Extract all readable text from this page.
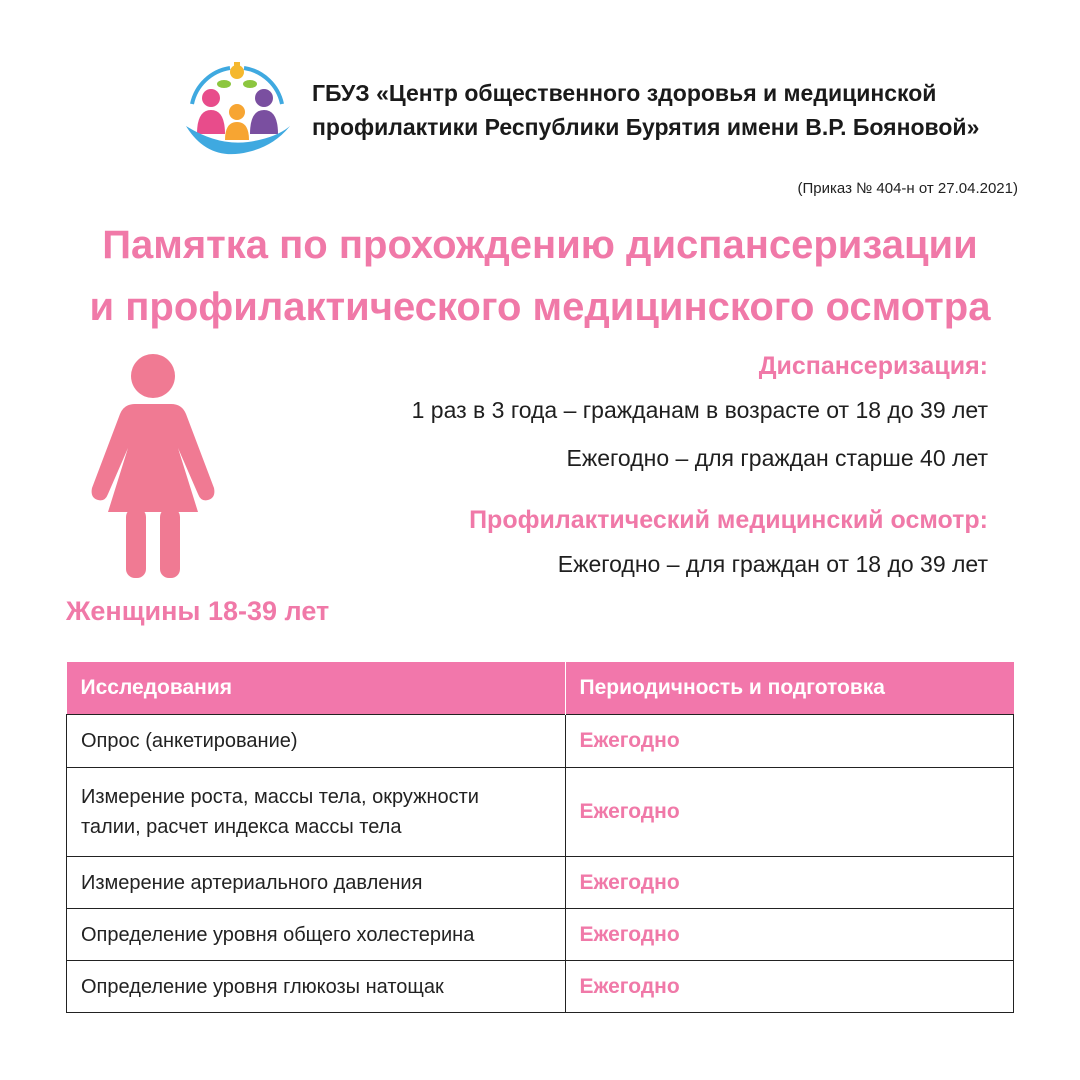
ГБУЗ «Центр общественного здоровья и медицинской
профилактики Республики Бурятия имени В.Р. Бояновой»
(Приказ № 404-н от 27.04.2021)
Памятка по прохождению диспансеризации
и профилактического медицинского осмотра
Женщины 18-39 лет
Диспансеризация:
1 раз в 3 года – гражданам в возрасте от 18 до 39 лет
Ежегодно – для граждан старше 40 лет
Профилактический медицинский осмотр:
Ежегодно – для граждан от 18 до 39 лет
Исследования	Периодичность и подготовка
Опрос (анкетирование)	Ежегодно

Измерение роста, массы тела, окружности
талии, расчет индекса массы тела	Ежегодно
Измерение артериального давления	Ежегодно
Определение уровня общего холестерина	Ежегодно
Определение уровня глюкозы натощак	Ежегодно
